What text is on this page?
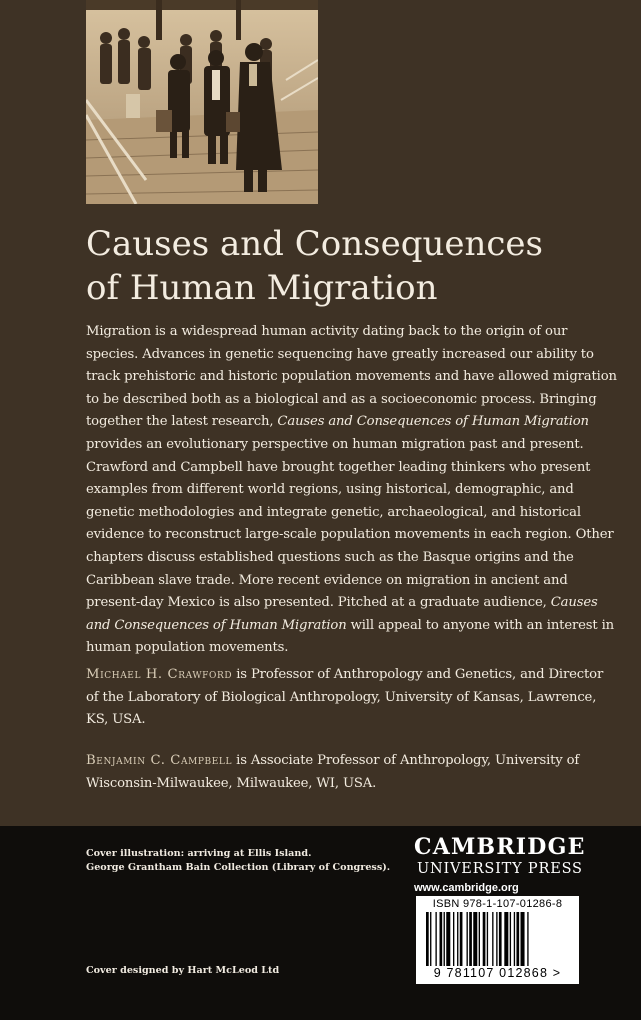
Causes and Consequences
of Human Migration

Migration is a widespread human activity dating back to the origin of our species. Advances in genetic sequencing have greatly increased our ability to track prehistoric and historic population movements and have allowed migration to be described both as a biological and as a socioeconomic process. Bringing together the latest research, Causes and Consequences of Human Migration provides an evolutionary perspective on human migration past and present. Crawford and Campbell have brought together leading thinkers who present examples from different world regions, using historical, demographic, and genetic methodologies and integrate genetic, archaeological, and historical evidence to reconstruct large-scale population movements in each region. Other chapters discuss established questions such as the Basque origins and the Caribbean slave trade. More recent evidence on migration in ancient and present-day Mexico is also presented. Pitched at a graduate audience, Causes and Consequences of Human Migration will appeal to anyone with an interest in human population movements.

Michael H. Crawford is Professor of Anthropology and Genetics, and Director of the Laboratory of Biological Anthropology, University of Kansas, Lawrence, KS, USA.

Benjamin C. Campbell is Associate Professor of Anthropology, University of Wisconsin-Milwaukee, Milwaukee, WI, USA.

Cover illustration: arriving at Ellis Island.
George Grantham Bain Collection (Library of Congress).

Cover designed by Hart McLeod Ltd

CAMBRIDGE
UNIVERSITY PRESS
www.cambridge.org
ISBN 978-1-107-01286-8
9 781107 012868 >
